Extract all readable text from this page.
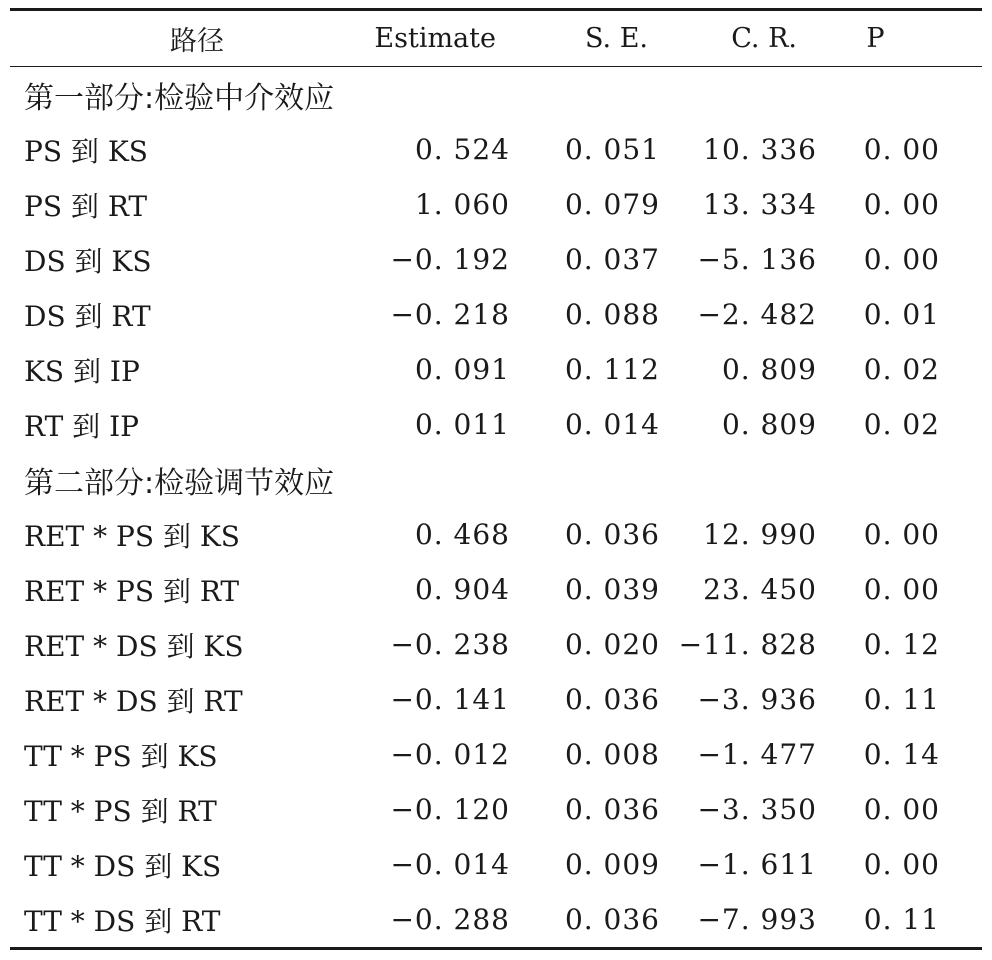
路径	Estimate	S. E.	C. R.	P
第一部分:检验中介效应				
PS 到 KS	0. 524	0. 051	10. 336	0. 00
PS 到 RT	1. 060	0. 079	13. 334	0. 00
DS 到 KS	−0. 192	0. 037	−5. 136	0. 00
DS 到 RT	−0. 218	0. 088	−2. 482	0. 01
KS 到 IP	0. 091	0. 112	0. 809	0. 02
RT 到 IP	0. 011	0. 014	0. 809	0. 02
第二部分:检验调节效应				
RET * PS 到 KS	0. 468	0. 036	12. 990	0. 00
RET * PS 到 RT	0. 904	0. 039	23. 450	0. 00
RET * DS 到 KS	−0. 238	0. 020	−11. 828	0. 12
RET * DS 到 RT	−0. 141	0. 036	−3. 936	0. 11
TT * PS 到 KS	−0. 012	0. 008	−1. 477	0. 14
TT * PS 到 RT	−0. 120	0. 036	−3. 350	0. 00
TT * DS 到 KS	−0. 014	0. 009	−1. 611	0. 00
TT * DS 到 RT	−0. 288	0. 036	−7. 993	0. 11
